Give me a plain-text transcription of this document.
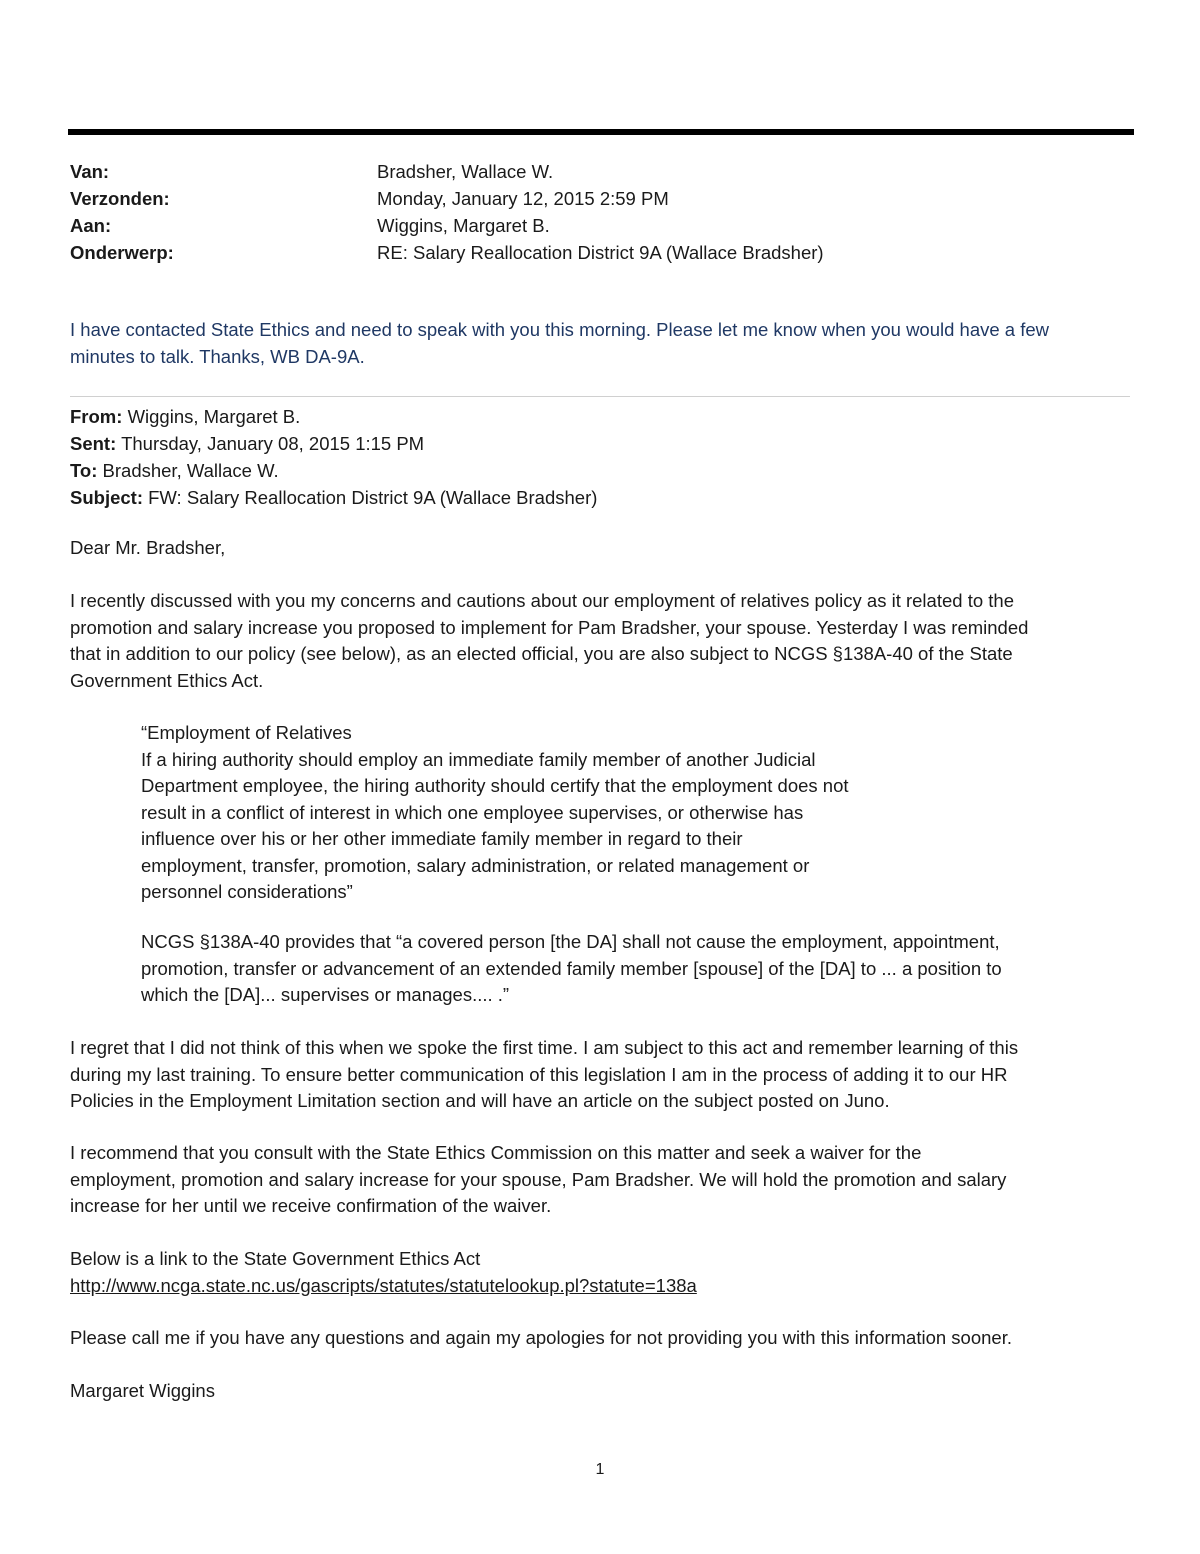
Van:	Bradsher, Wallace W.
Verzonden:	Monday, January 12, 2015 2:59 PM
Aan:	Wiggins, Margaret B.
Onderwerp:	RE: Salary Reallocation District 9A (Wallace Bradsher)
I have contacted State Ethics and need to speak with you this morning. Please let me know when you would have a few
minutes to talk. Thanks, WB DA-9A.
From: Wiggins, Margaret B.
Sent: Thursday, January 08, 2015 1:15 PM
To: Bradsher, Wallace W.
Subject: FW: Salary Reallocation District 9A (Wallace Bradsher)

Dear Mr. Bradsher,

I recently discussed with you my concerns and cautions about our employment of relatives policy as it related to the

promotion and salary increase you proposed to implement for Pam Bradsher, your spouse. Yesterday I was reminded

that in addition to our policy (see below), as an elected official, you are also subject to NCGS §138A-40 of the State

Government Ethics Act.

“Employment of Relatives

If a hiring authority should employ an immediate family member of another Judicial

Department employee, the hiring authority should certify that the employment does not

result in a conflict of interest in which one employee supervises, or otherwise has

influence over his or her other immediate family member in regard to their

employment, transfer, promotion, salary administration, or related management or

personnel considerations”

NCGS §138A-40 provides that “a covered person [the DA] shall not cause the employment, appointment,

promotion, transfer or advancement of an extended family member [spouse] of the [DA] to ... a position to

which the [DA]... supervises or manages.... .”

I regret that I did not think of this when we spoke the first time. I am subject to this act and remember learning of this

during my last training. To ensure better communication of this legislation I am in the process of adding it to our HR

Policies in the Employment Limitation section and will have an article on the subject posted on Juno.

I recommend that you consult with the State Ethics Commission on this matter and seek a waiver for the

employment, promotion and salary increase for your spouse, Pam Bradsher. We will hold the promotion and salary

increase for her until we receive confirmation of the waiver.

Below is a link to the State Government Ethics Act

http://www.ncga.state.nc.us/gascripts/statutes/statutelookup.pl?statute=138a

Please call me if you have any questions and again my apologies for not providing you with this information sooner.

Margaret Wiggins

1
